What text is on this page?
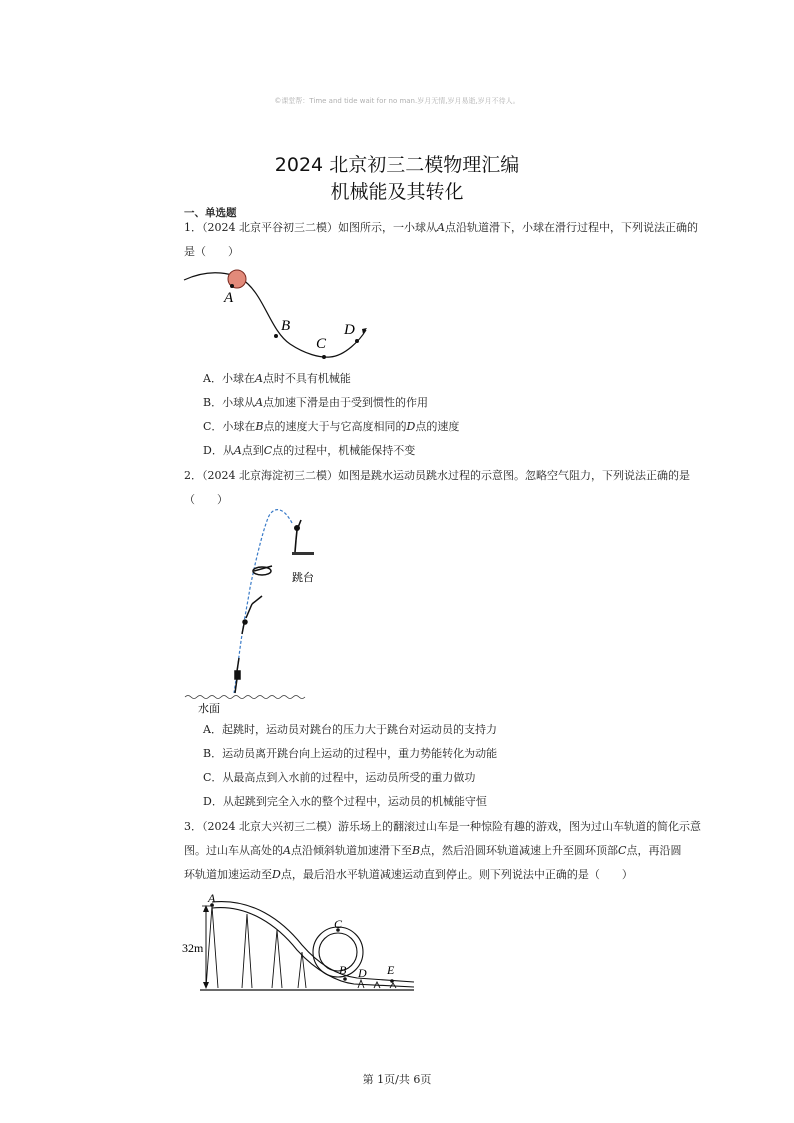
©课堂帮：Time and tide wait for no man.岁月无情,岁月易逝,岁月不待人。
2024 北京初三二模物理汇编
机械能及其转化
一、单选题
1．（2024 北京平谷初三二模）如图所示，一小球从A点沿轨道滑下，小球在滑行过程中，下列说法正确的
是（　　）
A
B
C
D
A．小球在A点时不具有机械能
B．小球从A点加速下滑是由于受到惯性的作用
C．小球在B点的速度大于与它高度相同的D点的速度
D．从A点到C点的过程中，机械能保持不变
2．（2024 北京海淀初三二模）如图是跳水运动员跳水过程的示意图。忽略空气阻力，下列说法正确的是
（　　）
跳台
水面
A．起跳时，运动员对跳台的压力大于跳台对运动员的支持力
B．运动员离开跳台向上运动的过程中，重力势能转化为动能
C．从最高点到入水前的过程中，运动员所受的重力做功
D．从起跳到完全入水的整个过程中，运动员的机械能守恒
3．（2024 北京大兴初三二模）游乐场上的翻滚过山车是一种惊险有趣的游戏，图为过山车轨道的简化示意
图。过山车从高处的A点沿倾斜轨道加速滑下至B点，然后沿圆环轨道减速上升至圆环顶部C点，再沿圆
环轨道加速运动至D点，最后沿水平轨道减速运动直到停止。则下列说法中正确的是（　　）
32m
A
C
B D E
第 1页/共 6页
